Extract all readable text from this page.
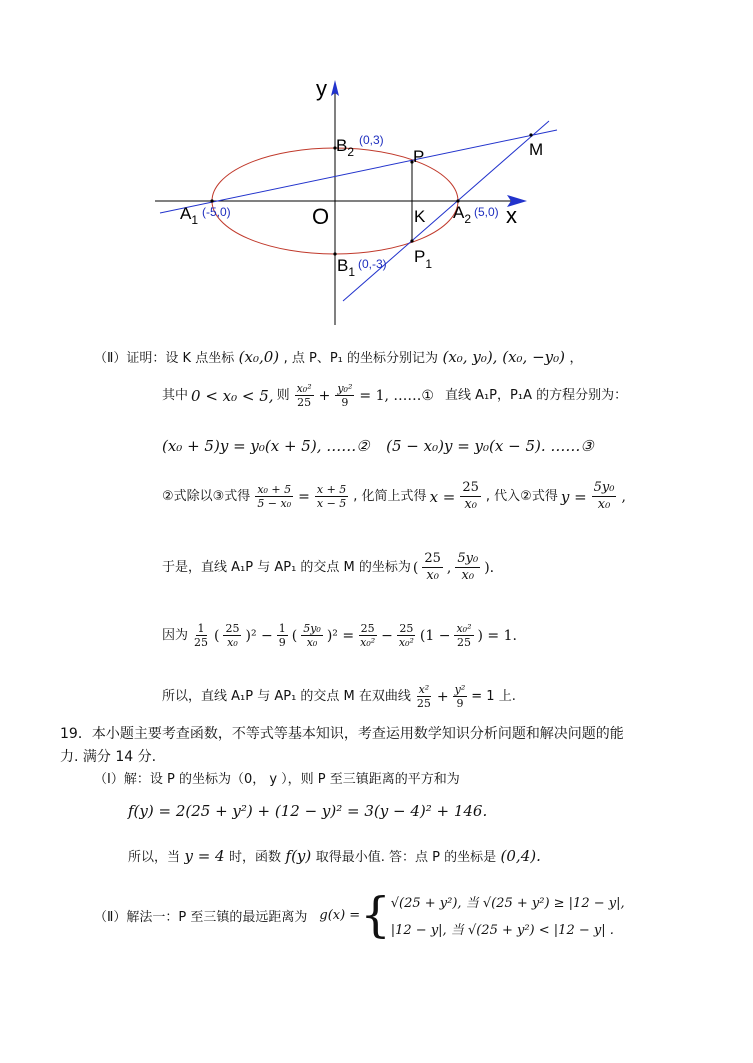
y
x
O	K
P	M
$P_1$
$A_1$
(-5,0)	$A_2$ (5,0)
$B_2$
(0,3)
$B_1$
(0,-3)
（Ⅱ）证明：设 K 点坐标 (x₀,0) , 点 P、P₁ 的坐标分别记为 (x₀, y₀), (x₀, −y₀) ，
其中 0 < x₀ < 5, 则 $\frac{\text{x₀²}}{25} + \frac{\text{y₀²}}{9} = 1$, ……① 直线 A₁P，P₁A 的方程分别为：
(x₀ + 5)y = y₀(x + 5), ……② (5 − x₀)y = y₀(x − 5). ……③
②式除以③式得 $\frac{\text{x₀ + 5}}{\text{5 − x₀}} = \frac{x + 5}{x - 5}$ , 化简上式得 $x = \frac{25}{\text{x₀}}$ , 代入②式得 $y = \frac{\text{5y₀}}{\text{x₀}}$ ,
于是，直线 A₁P 与 AP₁ 的交点 M 的坐标为 ( $\frac{25}{\text{x₀}}$ , $\frac{\text{5y₀}}{\text{x₀}}$ ).
因为 $\frac{1}{25}$ ( $\frac{25}{\text{x₀}} )^2 - \frac{1}{9}$ ( $\frac{\text{5y₀}}{\text{x₀}} )^2 = \frac{25}{\text{x₀²}} - \frac{25}{\text{x₀²}} (1 - \frac{\text{x₀²}}{25}$ ) = 1.
所以，直线 A₁P 与 AP₁ 的交点 M 在双曲线 $\frac{\text{x²}}{25} + \frac{\text{y²}}{9} = 1$ 上.
19．本小题主要考查函数，不等式等基本知识，考查运用数学知识分析问题和解决问题的能
力. 满分 14 分.
（Ⅰ）解：设 P 的坐标为（0， y ），则 P 至三镇距离的平方和为
f(y) = 2(25 + y²) + (12 − y)² = 3(y − 4)² + 146.
所以，当 y = 4 时，函数 f(y) 取得最小值. 答：点 P 的坐标是 (0,4).
（Ⅱ）解法一：P 至三镇的最远距离为 g(x) = { √(25 + y²), 当 √(25 + y²) ≥ |12 − y|,
|12 − y|, 当 √(25 + y²) < |12 − y| .
